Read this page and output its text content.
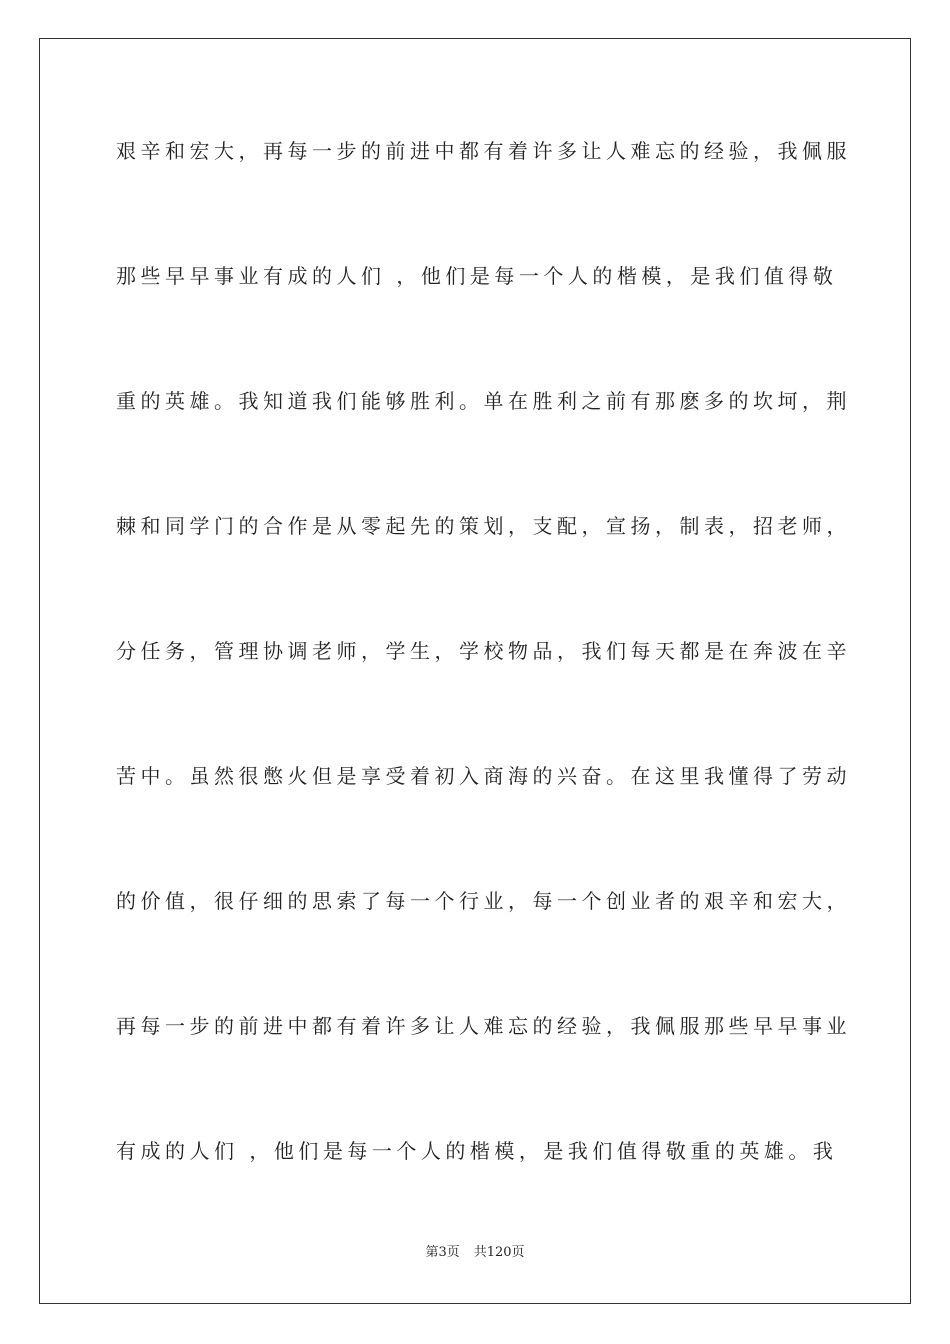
艰辛和宏大，再每一步的前进中都有着许多让人难忘的经验，我佩服
那些早早事业有成的人们 ，他们是每一个人的楷模，是我们值得敬
重的英雄。我知道我们能够胜利。单在胜利之前有那麽多的坎坷，荆
棘和同学门的合作是从零起先的策划，支配，宣扬，制表，招老师，
分任务，管理协调老师，学生，学校物品，我们每天都是在奔波在辛
苦中。虽然很憋火但是享受着初入商海的兴奋。在这里我懂得了劳动
的价值，很仔细的思索了每一个行业，每一个创业者的艰辛和宏大，
再每一步的前进中都有着许多让人难忘的经验，我佩服那些早早事业
有成的人们 ，他们是每一个人的楷模，是我们值得敬重的英雄。我
第3页 共120页
